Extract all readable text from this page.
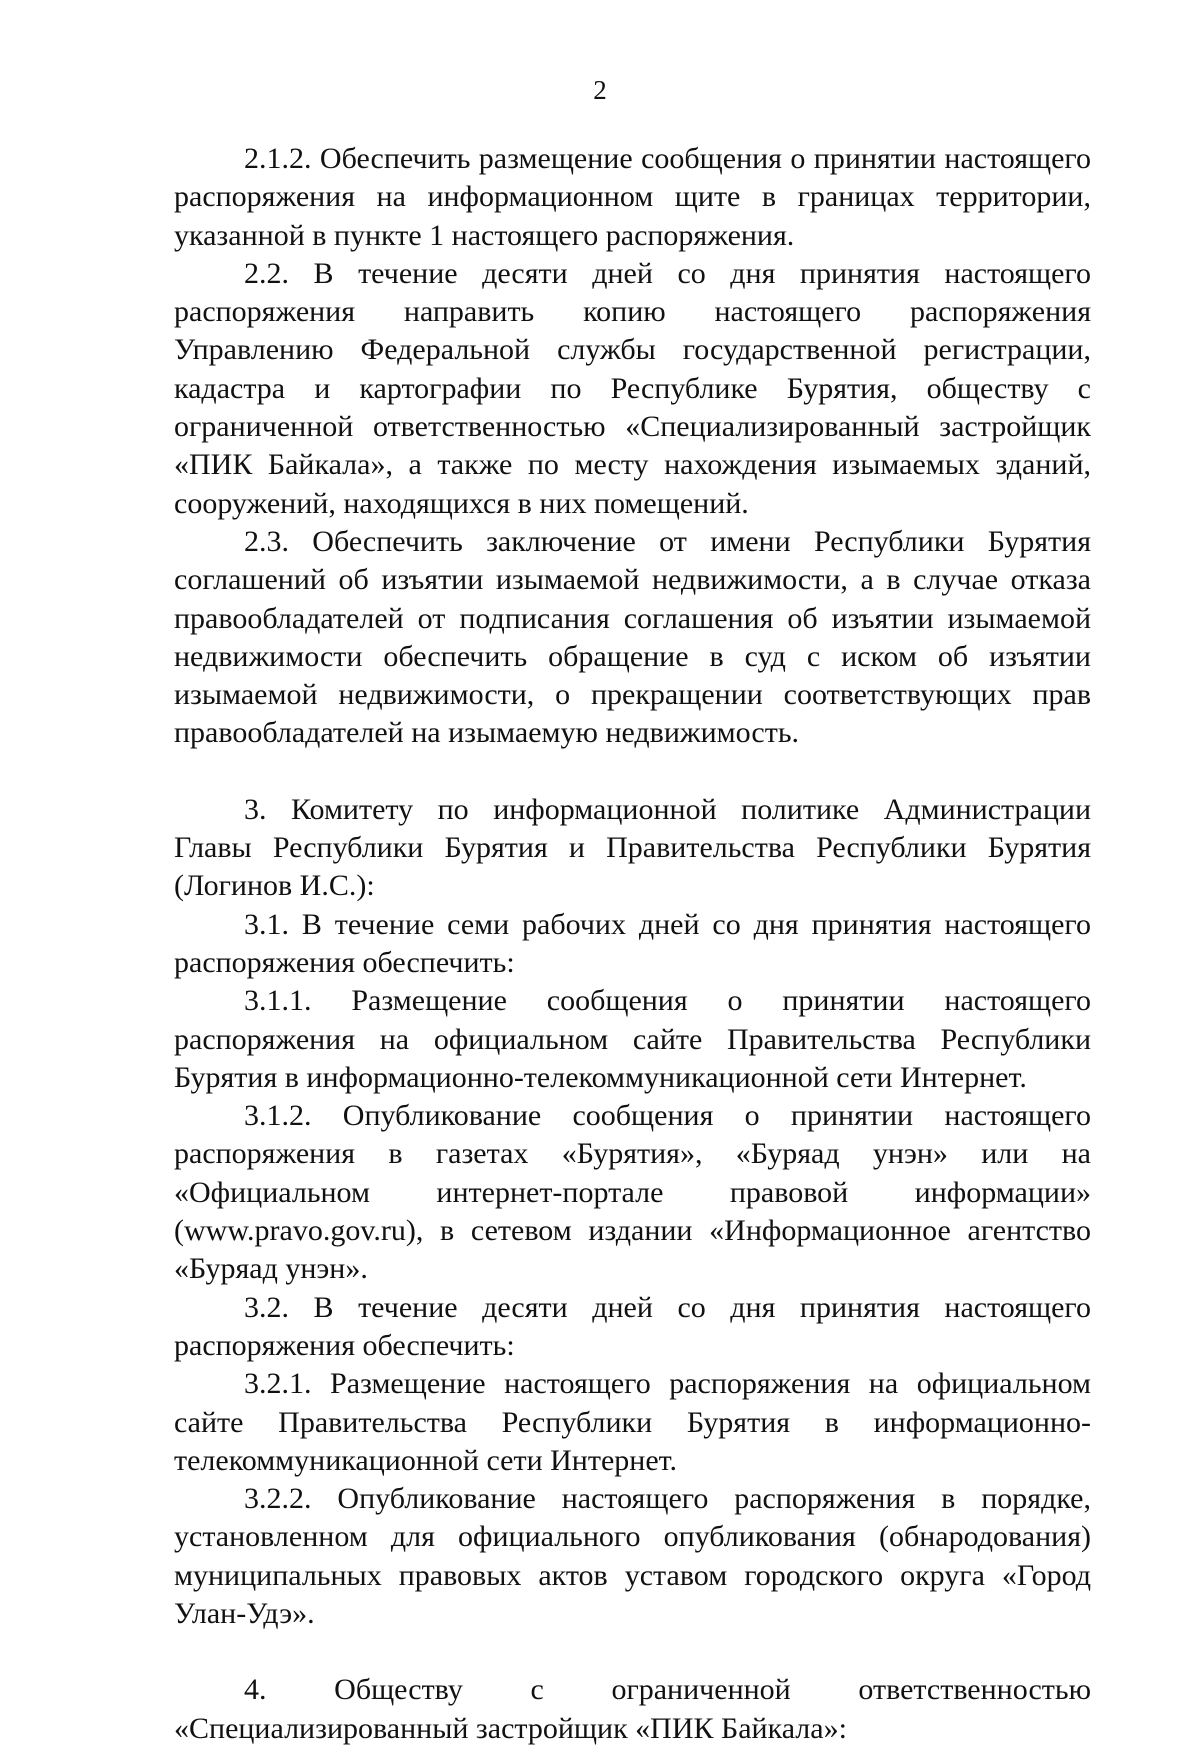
2

2.1.2. Обеспечить размещение сообщения о принятии настоящего распоряжения на информационном щите в границах территории, указанной в пункте 1 настоящего распоряжения.

2.2. В течение десяти дней со дня принятия настоящего распоряжения направить копию настоящего распоряжения Управлению Федеральной службы государственной регистрации, кадастра и картографии по Республике Бурятия, обществу с ограниченной ответственностью «Специализированный застройщик «ПИК Байкала», а также по месту нахождения изымаемых зданий, сооружений, находящихся в них помещений.

2.3. Обеспечить заключение от имени Республики Бурятия соглашений об изъятии изымаемой недвижимости, а в случае отказа правообладателей от подписания соглашения об изъятии изымаемой недвижимости обеспечить обращение в суд с иском об изъятии изымаемой недвижимости, о прекращении соответствующих прав правообладателей на изымаемую недвижимость.

3. Комитету по информационной политике Администрации Главы Республики Бурятия и Правительства Республики Бурятия (Логинов И.С.):

3.1. В течение семи рабочих дней со дня принятия настоящего распоряжения обеспечить:

3.1.1. Размещение сообщения о принятии настоящего распоряжения на официальном сайте Правительства Республики Бурятия в информационно-телекоммуникационной сети Интернет.

3.1.2. Опубликование сообщения о принятии настоящего распоряжения в газетах «Бурятия», «Буряад унэн» или на «Официальном интернет-портале правовой информации» (www.pravo.gov.ru), в сетевом издании «Информационное агентство «Буряад унэн».

3.2. В течение десяти дней со дня принятия настоящего распоряжения обеспечить:

3.2.1. Размещение настоящего распоряжения на официальном сайте Правительства Республики Бурятия в информационно-телекоммуникационной сети Интернет.

3.2.2. Опубликование настоящего распоряжения в порядке, установленном для официального опубликования (обнародования) муниципальных правовых актов уставом городского округа «Город Улан-Удэ».

4. Обществу с ограниченной ответственностью «Специализированный застройщик «ПИК Байкала»:
